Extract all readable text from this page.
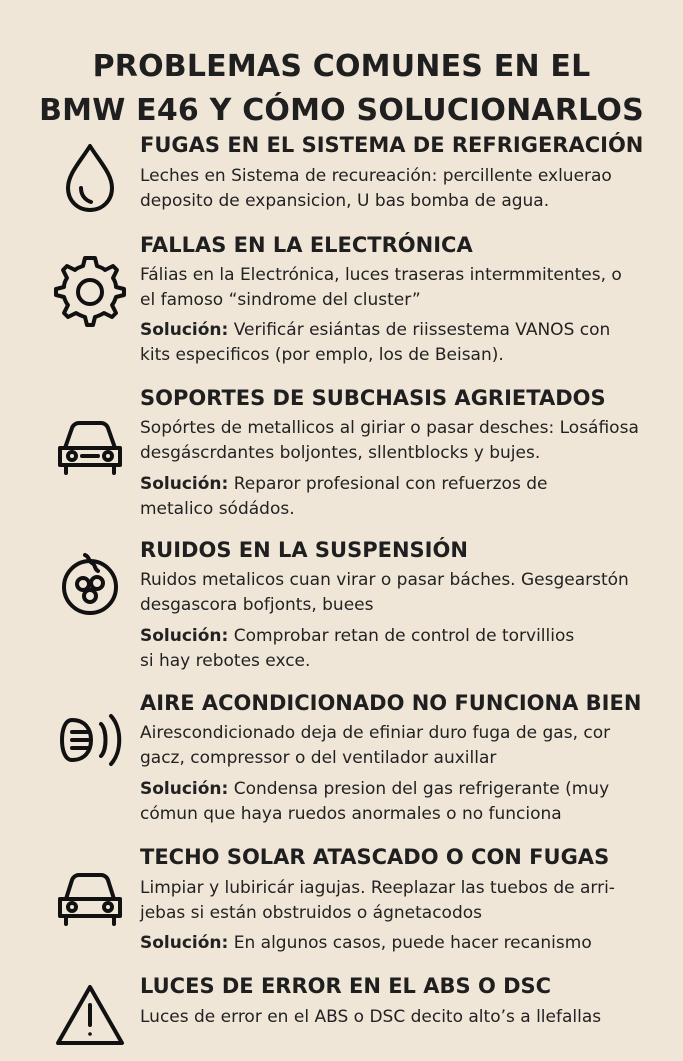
PROBLEMAS COMUNES EN EL
BMW E46 Y CÓMO SOLUCIONARLOS
FUGAS EN EL SISTEMA DE REFRIGERACIÓN
Leches en Sistema de recureación: percillente exluerao
deposito de expansicion, U bas bomba de agua.
FALLAS EN LA ELECTRÓNICA
Fálias en la Electrónica, luces traseras intermmitentes, o
el famoso “sindrome del cluster”
Solución: Verificár esiántas de riissestema VANOS con
kits especificos (por emplo, los de Beisan).
SOPORTES DE SUBCHASIS AGRIETADOS
Sopórtes de metallicos al giriar o pasar desches: Losáfiosa
desgáscrdantes boljontes, sllentblocks y bujes.
Solución: Reparor profesional con refuerzos de
metalico sódádos.
RUIDOS EN LA SUSPENSIÓN
Ruidos metalicos cuan virar o pasar báches. Gesgearstón
desgascora bofjonts, buees
Solución: Comprobar retan de control de torvillios
si hay rebotes exce.
AIRE ACONDICIONADO NO FUNCIONA BIEN
Airescondicionado deja de efiniar duro fuga de gas, cor
gacz, compressor o del ventilador auxillar
Solución: Condensa presion del gas refrigerante (muy
cómun que haya ruedos anormales o no funciona
TECHO SOLAR ATASCADO O CON FUGAS
Limpiar y lubiricár iagujas. Reeplazar las tuebos de arri-
jebas si están obstruidos o ágnetacodos
Solución: En algunos casos, puede hacer recanismo
LUCES DE ERROR EN EL ABS O DSC
Luces de error en el ABS o DSC decito alto’s a llefallas
